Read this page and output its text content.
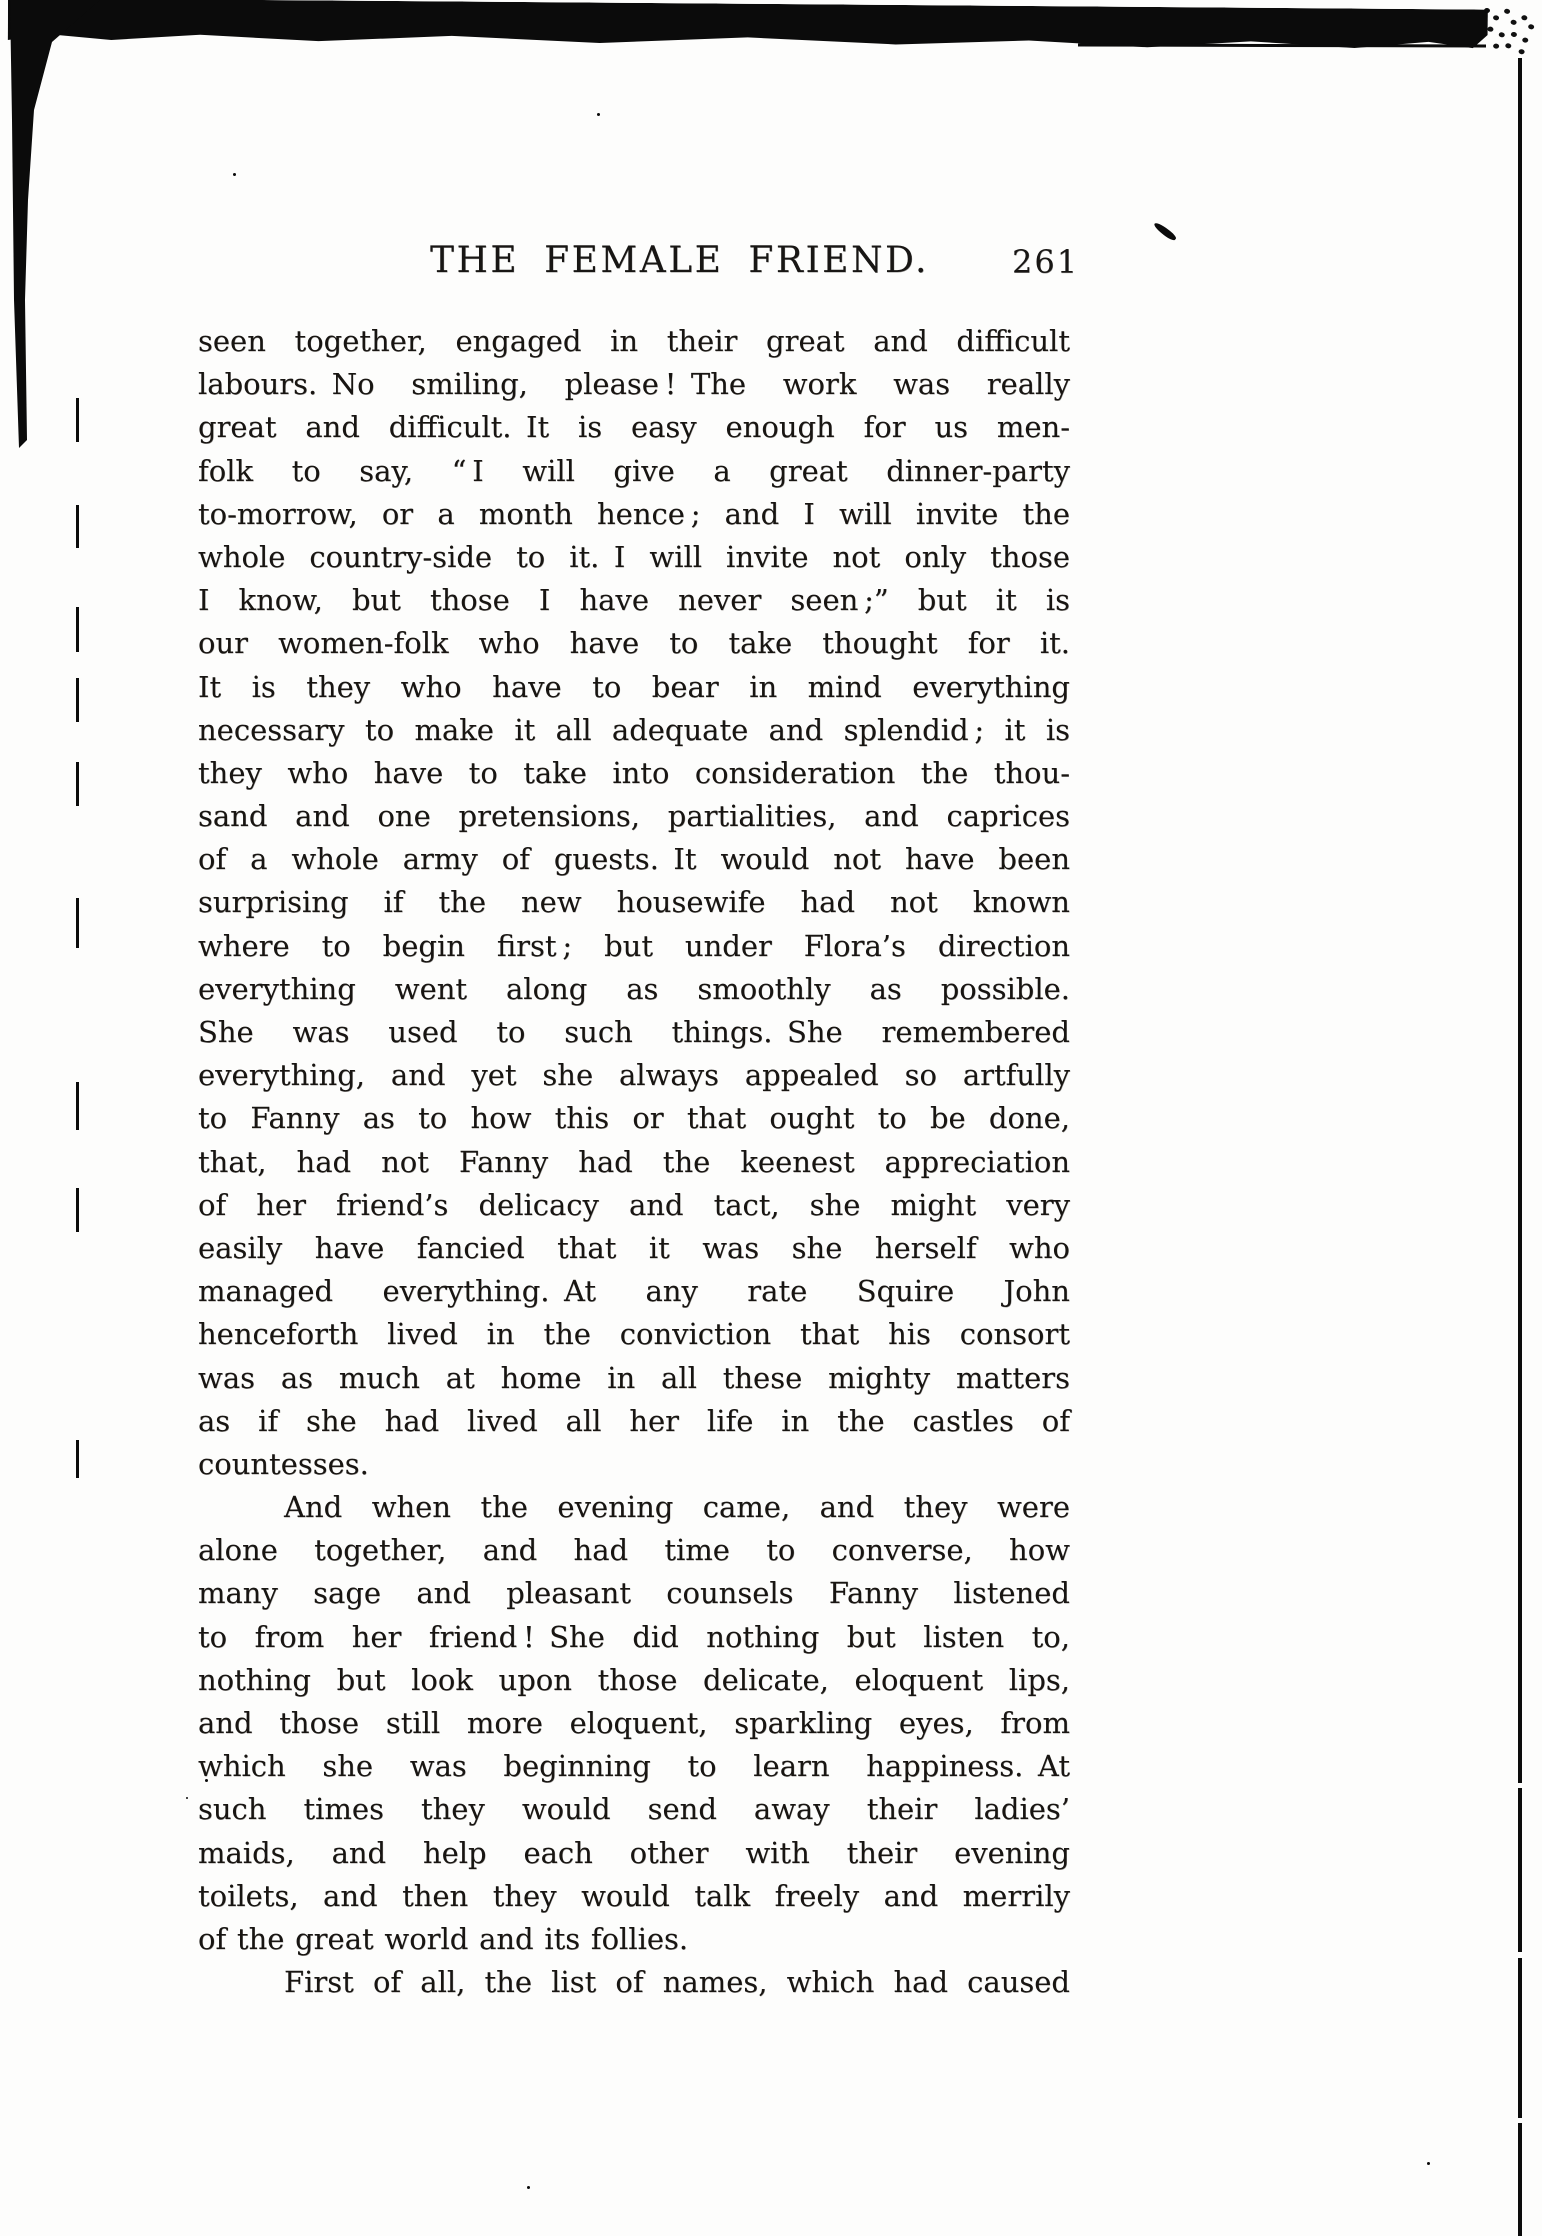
THE FEMALE FRIEND.	261
seen together, engaged in their great and difficult
labours. No smiling, please ! The work was really
great and difficult. It is easy enough for us men-
folk to say, “ I will give a great dinner-party
to-morrow, or a month hence ; and I will invite the
whole country-side to it. I will invite not only those
I know, but those I have never seen ;” but it is
our women-folk who have to take thought for it.
It is they who have to bear in mind everything
necessary to make it all adequate and splendid ; it is
they who have to take into consideration the thou-
sand and one pretensions, partialities, and caprices
of a whole army of guests. It would not have been
surprising if the new housewife had not known
where to begin first ; but under Flora’s direction
everything went along as smoothly as possible.
She was used to such things. She remembered
everything, and yet she always appealed so artfully
to Fanny as to how this or that ought to be done,
that, had not Fanny had the keenest appreciation
of her friend’s delicacy and tact, she might very
easily have fancied that it was she herself who
managed everything. At any rate Squire John
henceforth lived in the conviction that his consort
was as much at home in all these mighty matters
as if she had lived all her life in the castles of
countesses.
And when the evening came, and they were
alone together, and had time to converse, how
many sage and pleasant counsels Fanny listened
to from her friend ! She did nothing but listen to,
nothing but look upon those delicate, eloquent lips,
and those still more eloquent, sparkling eyes, from
which she was beginning to learn happiness. At
such times they would send away their ladies’
maids, and help each other with their evening
toilets, and then they would talk freely and merrily
of the great world and its follies.
First of all, the list of names, which had caused
